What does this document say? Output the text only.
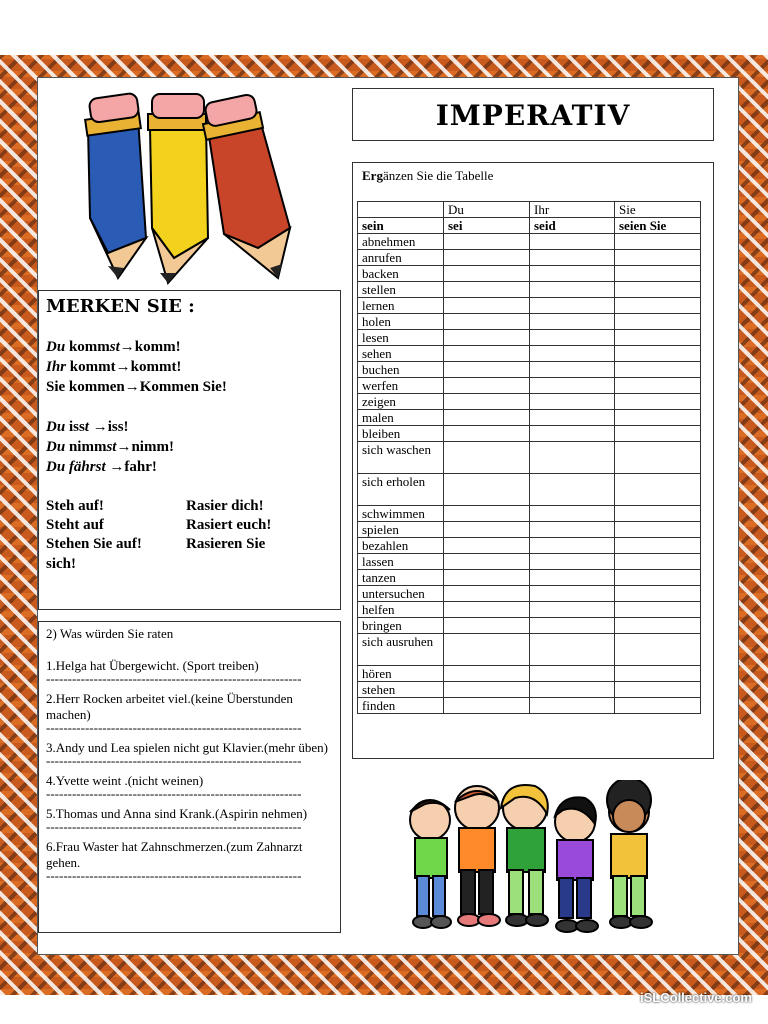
IMPERATIV
Ergänzen Sie die Tabelle
	Du	Ihr	Sie
sein	sei	seid	seien Sie
abnehmen			
anrufen			
backen			
stellen			
lernen			
holen			
lesen			
sehen			
buchen			
werfen			
zeigen			
malen			
bleiben			
sich waschen			
sich erholen			
schwimmen			
spielen			
bezahlen			
lassen			
tanzen			
untersuchen			
helfen			
bringen			
sich ausruhen			
hören			
stehen			
finden			
MERKEN SIE :
Du kommst→komm!
Ihr kommt→kommt!
Sie kommen→Kommen Sie!
Du isst →iss!
Du nimmst→nimm!
Du fährst →fahr!
Steh auf!	Rasier dich!
Steht auf	Rasiert euch!
Stehen Sie auf!	Rasieren Sie
sich!
2) Was würden Sie raten
1.Helga hat Übergewicht. (Sport treiben)
-----------------------------------------------------------
2.Herr Rocken arbeitet viel.(keine Überstunden machen)
-----------------------------------------------------------
3.Andy und Lea spielen nicht gut Klavier.(mehr üben)
-----------------------------------------------------------
4.Yvette weint .(nicht weinen)
-----------------------------------------------------------
5.Thomas und Anna sind Krank.(Aspirin nehmen)
-----------------------------------------------------------
6.Frau Waster hat Zahnschmerzen.(zum Zahnarzt gehen.
-----------------------------------------------------------
iSLCollective.com
